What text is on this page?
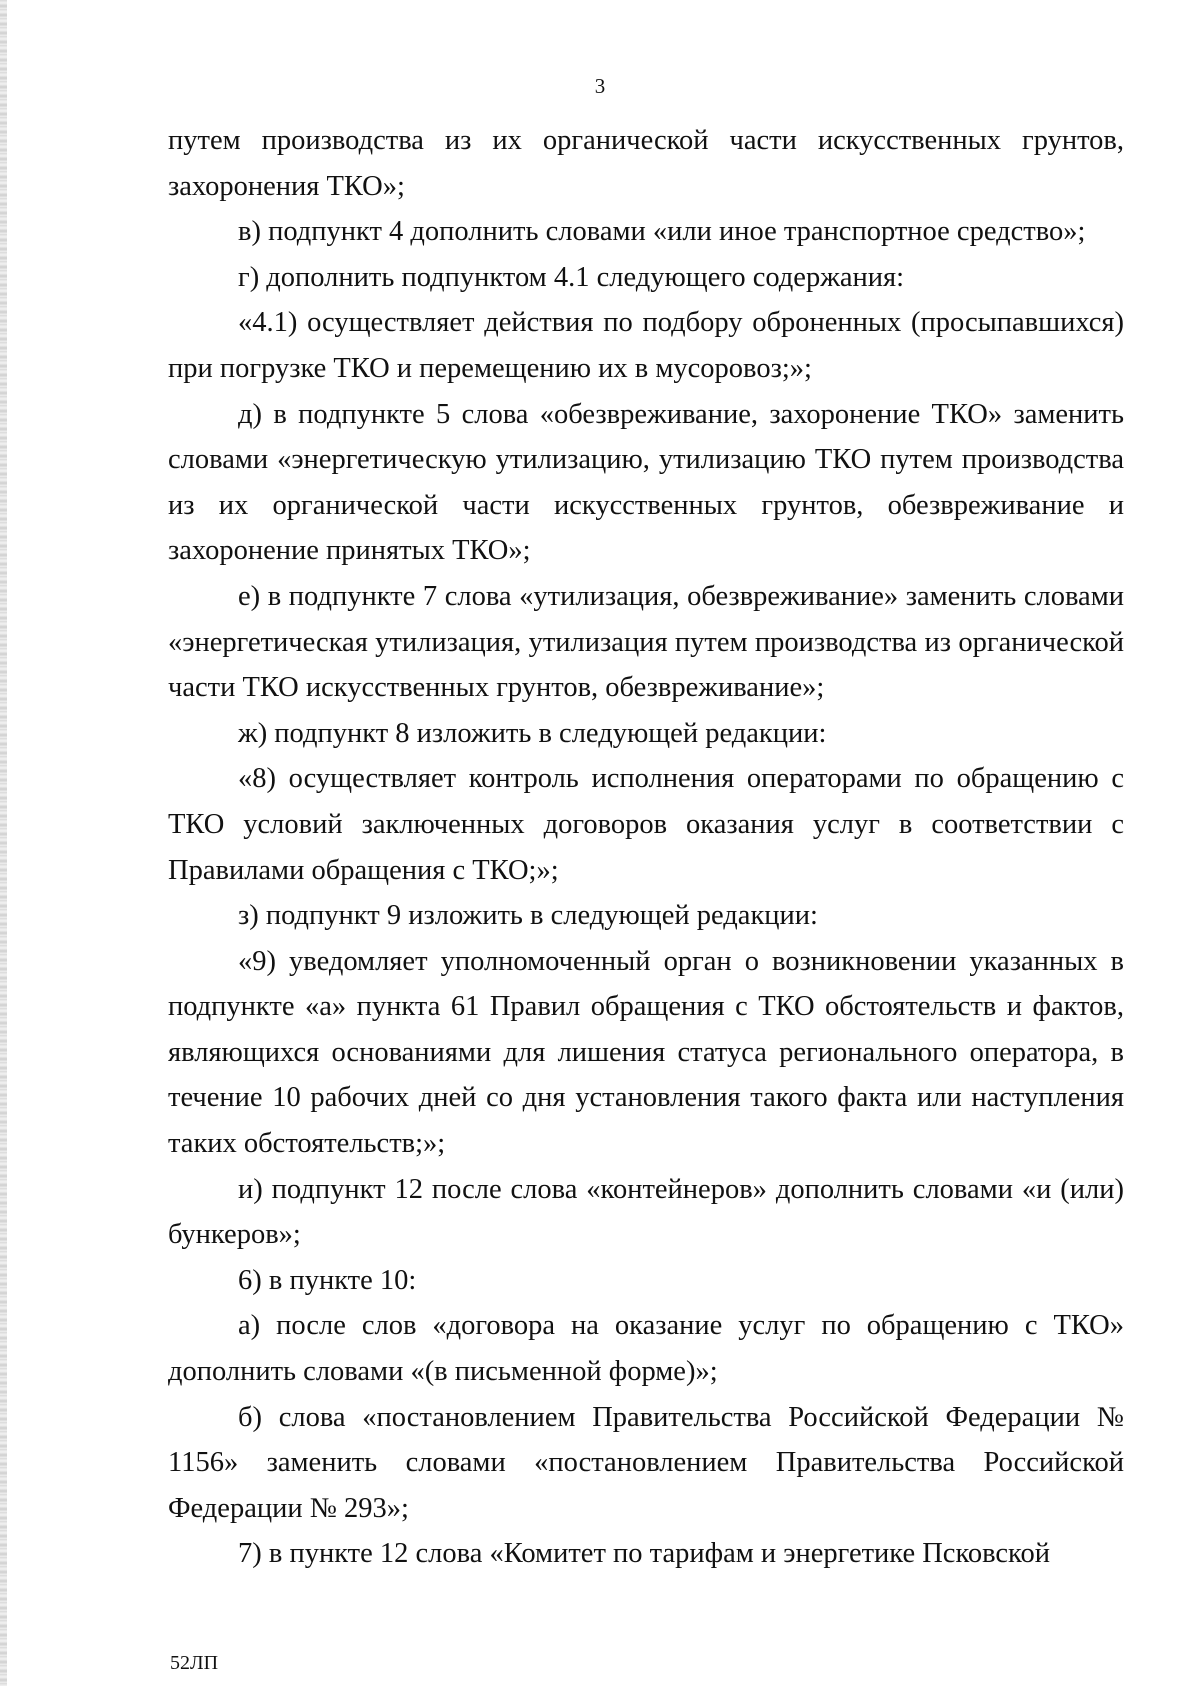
3

путем производства из их органической части искусственных грунтов, захоронения ТКО»;

в) подпункт 4 дополнить словами «или иное транспортное средство»;

г) дополнить подпунктом 4.1 следующего содержания:

«4.1) осуществляет действия по подбору оброненных (просыпавшихся) при погрузке ТКО и перемещению их в мусоровоз;»;

д) в подпункте 5 слова «обезвреживание, захоронение ТКО» заменить словами «энергетическую утилизацию, утилизацию ТКО путем производства из их органической части искусственных грунтов, обезвреживание и захоронение принятых ТКО»;

е) в подпункте 7 слова «утилизация, обезвреживание» заменить словами «энергетическая утилизация, утилизация путем производства из органической части ТКО искусственных грунтов, обезвреживание»;

ж) подпункт 8 изложить в следующей редакции:

«8) осуществляет контроль исполнения операторами по обращению с ТКО условий заключенных договоров оказания услуг в соответствии с Правилами обращения с ТКО;»;

з) подпункт 9 изложить в следующей редакции:

«9) уведомляет уполномоченный орган о возникновении указанных в подпункте «а» пункта 61 Правил обращения с ТКО обстоятельств и фактов, являющихся основаниями для лишения статуса регионального оператора, в течение 10 рабочих дней со дня установления такого факта или наступления таких обстоятельств;»;

и) подпункт 12 после слова «контейнеров» дополнить словами «и (или) бункеров»;

6) в пункте 10:

а) после слов «договора на оказание услуг по обращению с ТКО» дополнить словами «(в письменной форме)»;

б) слова «постановлением Правительства Российской Федерации № 1156» заменить словами «постановлением Правительства Российской Федерации № 293»;

7) в пункте 12 слова «Комитет по тарифам и энергетике Псковской

52ЛП
